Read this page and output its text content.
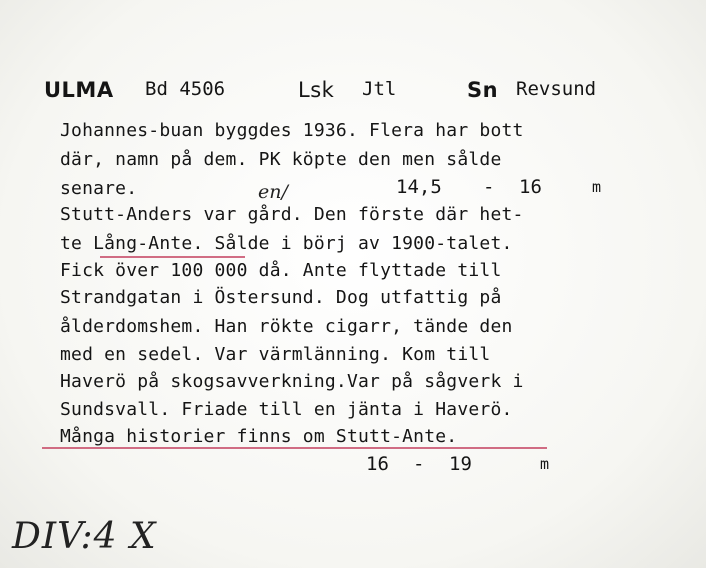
ULMA Bd 4506	Lsk Jtl	Sn Revsund
Johannes-buan byggdes 1936. Flera har bott
där, namn på dem. PK köpte den men sålde
senare.
Stutt-Anders var gård. Den förste där het-
te Lång-Ante. Sålde i börj av 1900-talet.
Fick över 100 000 då. Ante flyttade till
Strandgatan i Östersund. Dog utfattig på
ålderdomshem. Han rökte cigarr, tände den
med en sedel. Var värmlänning. Kom till
Haverö på skogsavverkning.Var på sågverk i
Sundsvall. Friade till en jänta i Haverö.
Många historier finns om Stutt-Ante.
en/	14,5 - 16	m
16 - 19	m
DIV:4 X
